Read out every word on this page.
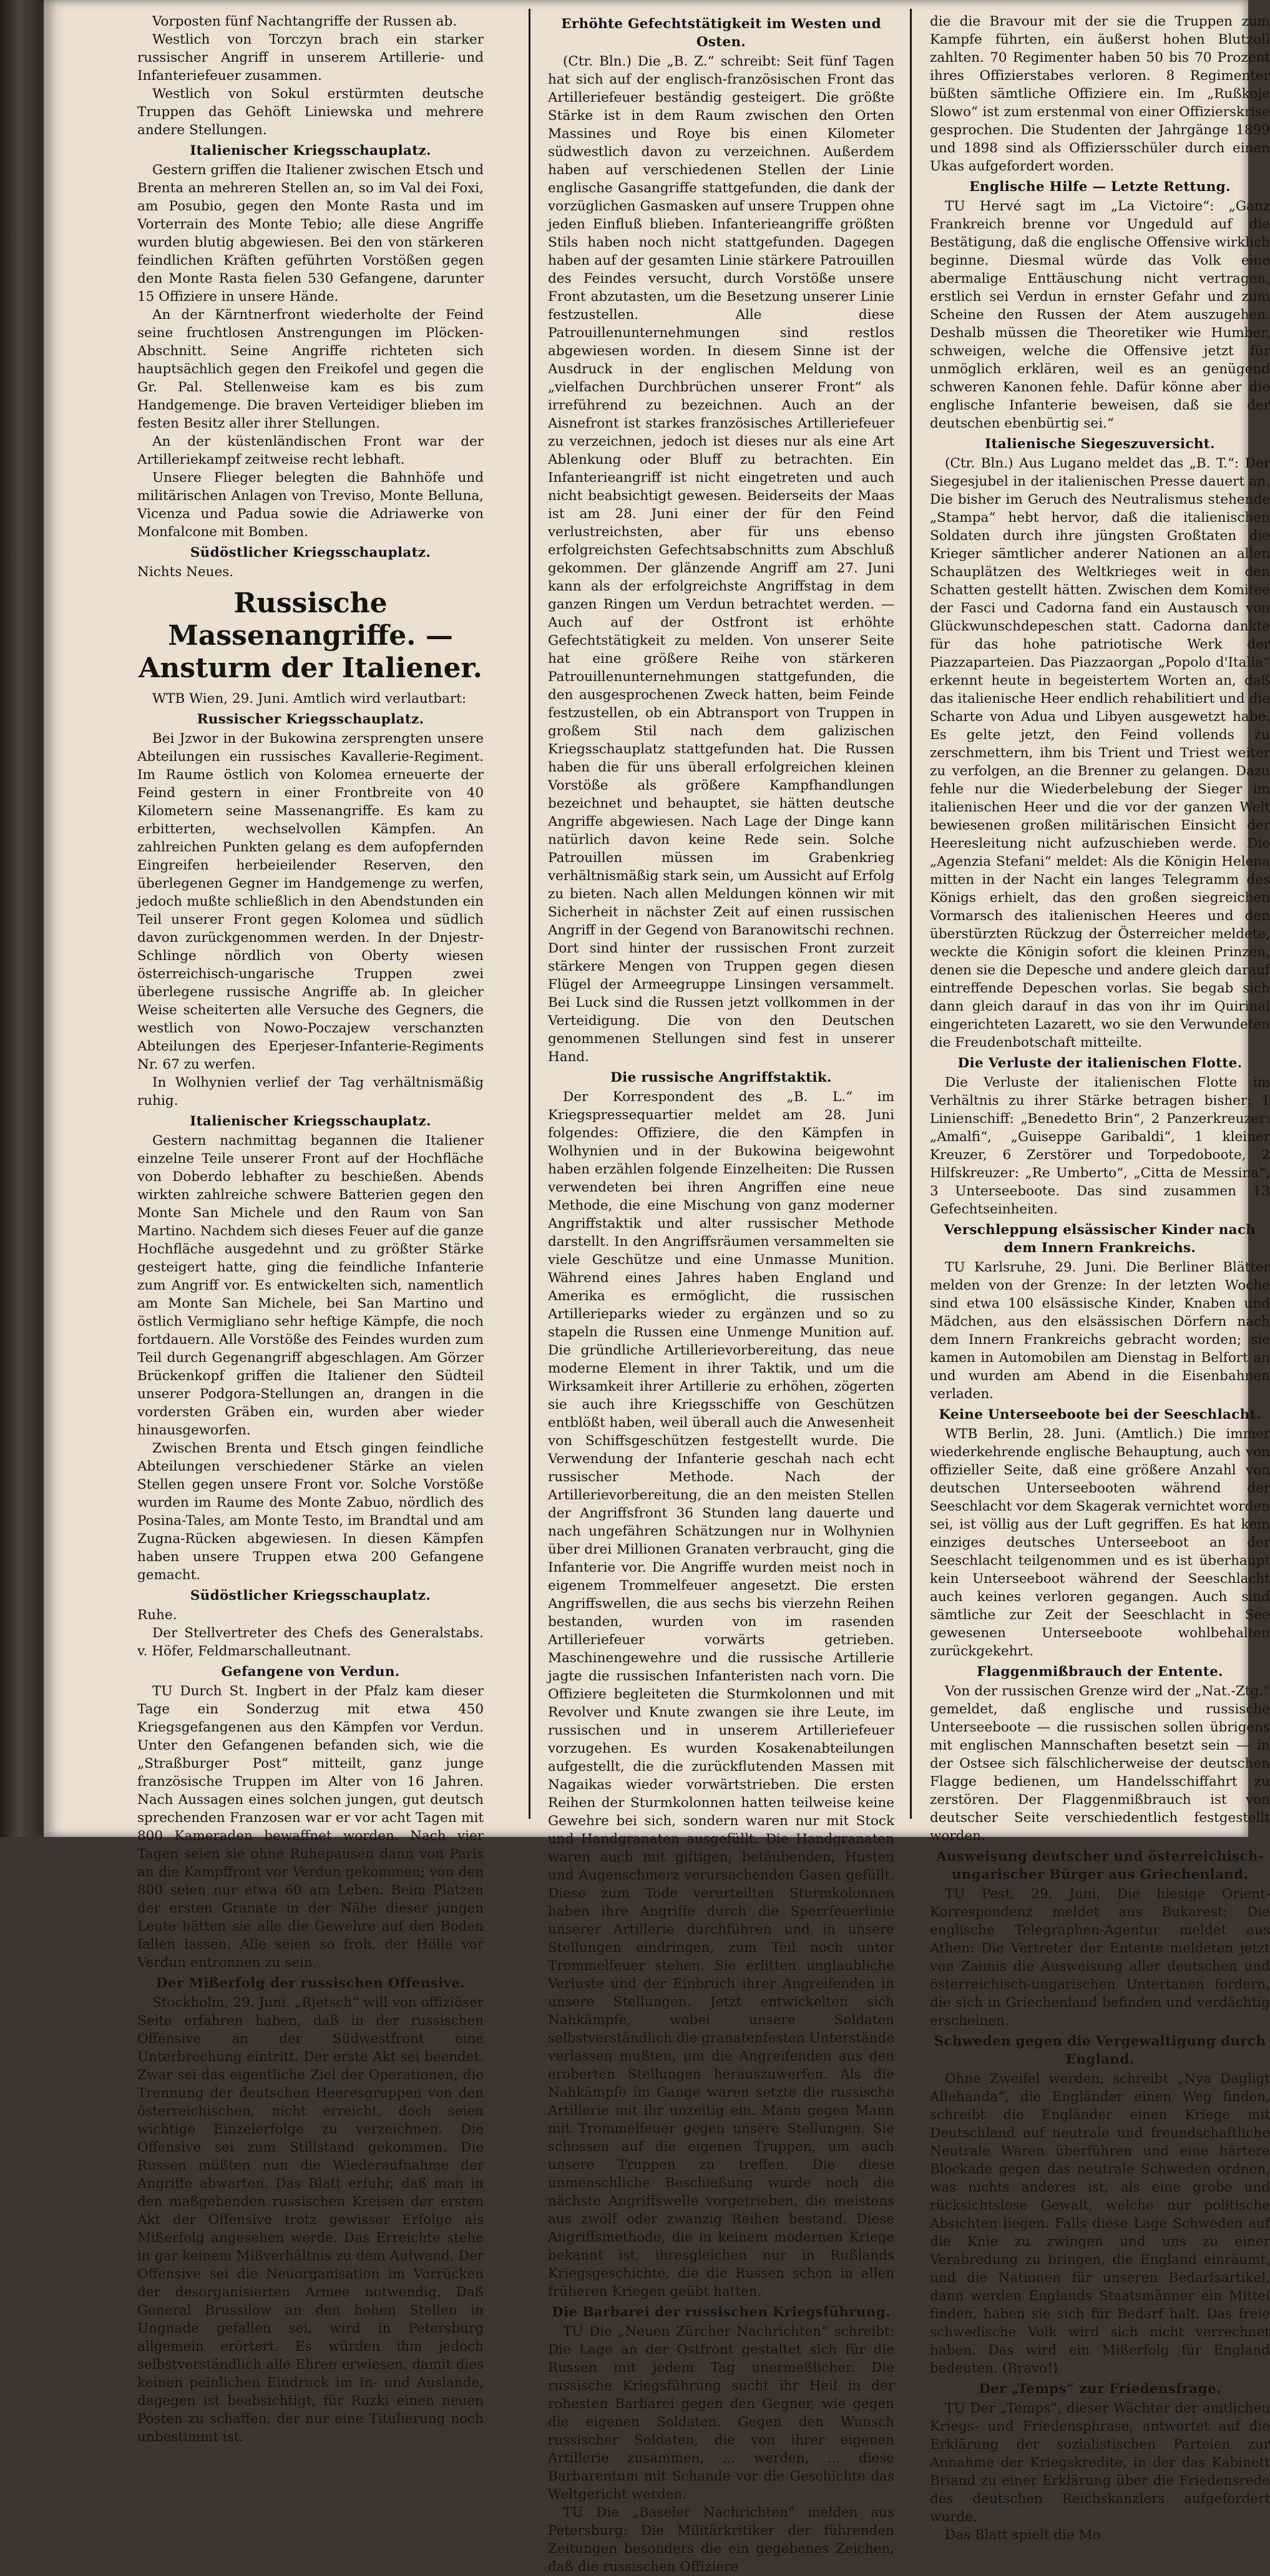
Vorposten fünf Nachtangriffe der Russen ab.

Westlich von Torczyn brach ein starker russischer Angriff in unserem Artillerie- und Infanteriefeuer zusammen.

Westlich von Sokul erstürmten deutsche Truppen das Gehöft Liniewska und mehrere andere Stellungen.

Italienischer Kriegsschauplatz.

Gestern griffen die Italiener zwischen Etsch und Brenta an mehreren Stellen an, so im Val dei Foxi, am Posubio, gegen den Monte Rasta und im Vorterrain des Monte Tebio; alle diese Angriffe wurden blutig abgewiesen. Bei den von stärkeren feindlichen Kräften geführten Vorstößen gegen den Monte Rasta fielen 530 Gefangene, darunter 15 Offiziere in unsere Hände.

An der Kärntnerfront wiederholte der Feind seine fruchtlosen Anstrengungen im Plöcken-Abschnitt. Seine Angriffe richteten sich hauptsächlich gegen den Freikofel und gegen die Gr. Pal. Stellenweise kam es bis zum Handgemenge. Die braven Verteidiger blieben im festen Besitz aller ihrer Stellungen.

An der küstenländischen Front war der Artilleriekampf zeitweise recht lebhaft.

Unsere Flieger belegten die Bahnhöfe und militärischen Anlagen von Treviso, Monte Belluna, Vicenza und Padua sowie die Adriawerke von Monfalcone mit Bomben.

Südöstlicher Kriegsschauplatz.

Nichts Neues.

Russische Massenangriffe. — Ansturm der Italiener.

WTB Wien, 29. Juni. Amtlich wird verlautbart:

Russischer Kriegsschauplatz.

Bei Jzwor in der Bukowina zersprengten unsere Abteilungen ein russisches Kavallerie-Regiment. Im Raume östlich von Kolomea erneuerte der Feind gestern in einer Frontbreite von 40 Kilometern seine Massenangriffe. Es kam zu erbitterten, wechselvollen Kämpfen. An zahlreichen Punkten gelang es dem aufopfernden Eingreifen herbeieilender Reserven, den überlegenen Gegner im Handgemenge zu werfen, jedoch mußte schließlich in den Abendstunden ein Teil unserer Front gegen Kolomea und südlich davon zurückgenommen werden. In der Dnjestr-Schlinge nördlich von Oberty wiesen österreichisch-ungarische Truppen zwei überlegene russische Angriffe ab. In gleicher Weise scheiterten alle Versuche des Gegners, die westlich von Nowo-Poczajew verschanzten Abteilungen des Eperjeser-Infanterie-Regiments Nr. 67 zu werfen.

In Wolhynien verlief der Tag verhältnismäßig ruhig.

Italienischer Kriegsschauplatz.

Gestern nachmittag begannen die Italiener einzelne Teile unserer Front auf der Hochfläche von Doberdo lebhafter zu beschießen. Abends wirkten zahlreiche schwere Batterien gegen den Monte San Michele und den Raum von San Martino. Nachdem sich dieses Feuer auf die ganze Hochfläche ausgedehnt und zu größter Stärke gesteigert hatte, ging die feindliche Infanterie zum Angriff vor. Es entwickelten sich, namentlich am Monte San Michele, bei San Martino und östlich Vermigliano sehr heftige Kämpfe, die noch fortdauern. Alle Vorstöße des Feindes wurden zum Teil durch Gegenangriff abgeschlagen. Am Görzer Brückenkopf griffen die Italiener den Südteil unserer Podgora-Stellungen an, drangen in die vordersten Gräben ein, wurden aber wieder hinausgeworfen.

Zwischen Brenta und Etsch gingen feindliche Abteilungen verschiedener Stärke an vielen Stellen gegen unsere Front vor. Solche Vorstöße wurden im Raume des Monte Zabuo, nördlich des Posina-Tales, am Monte Testo, im Brandtal und am Zugna-Rücken abgewiesen. In diesen Kämpfen haben unsere Truppen etwa 200 Gefangene gemacht.

Südöstlicher Kriegsschauplatz.

Ruhe.

Der Stellvertreter des Chefs des Generalstabs. v. Höfer, Feldmarschalleutnant.

Gefangene von Verdun.

TU Durch St. Ingbert in der Pfalz kam dieser Tage ein Sonderzug mit etwa 450 Kriegsgefangenen aus den Kämpfen vor Verdun. Unter den Gefangenen befanden sich, wie die „Straßburger Post“ mitteilt, ganz junge französische Truppen im Alter von 16 Jahren. Nach Aussagen eines solchen jungen, gut deutsch sprechenden Franzosen war er vor acht Tagen mit 800 Kameraden bewaffnet worden. Nach vier Tagen seien sie ohne Ruhepausen dann von Paris an die Kampffront vor Verdun gekommen; von den 800 seien nur etwa 60 am Leben. Beim Platzen der ersten Granate in der Nähe dieser jungen Leute hätten sie alle die Gewehre auf den Boden fallen lassen. Alle seien so froh, der Hölle vor Verdun entronnen zu sein.

Der Mißerfolg der russischen Offensive.

Stockholm, 29. Juni. „Rjetsch“ will von offiziöser Seite erfahren haben, daß in der russischen Offensive an der Südwestfront eine Unterbrechung eintritt. Der erste Akt sei beendet. Zwar sei das eigentliche Ziel der Operationen, die Trennung der deutschen Heeresgruppen von den österreichischen, nicht erreicht, doch seien wichtige Einzelerfolge zu verzeichnen. Die Offensive sei zum Stillstand gekommen. Die Russen müßten nun die Wiederaufnahme der Angriffe abwarten. Das Blatt erfuhr, daß man in den maßgebenden russischen Kreisen der ersten Akt der Offensive trotz gewisser Erfolge als Mißerfolg angesehen werde. Das Erreichte stehe in gar keinem Mißverhältnis zu dem Aufwand. Der Offensive sei die Neuorganisation im Vorrücken der desorganisierten Armee notwendig. Daß General Brussilow an den hohen Stellen in Ungnade gefallen sei, wird in Petersburg allgemein erörtert. Es würden ihm jedoch selbstverständlich alle Ehren erwiesen, damit dies keinen peinlichen Eindruck im In- und Auslande, dagegen ist beabsichtigt, für Ruzki einen neuen Posten zu schaffen, der nur eine Titulierung noch unbestimmt ist.

Erhöhte Gefechtstätigkeit im Westen und Osten.

(Ctr. Bln.) Die „B. Z.“ schreibt: Seit fünf Tagen hat sich auf der englisch-französischen Front das Artilleriefeuer beständig gesteigert. Die größte Stärke ist in dem Raum zwischen den Orten Massines und Roye bis einen Kilometer südwestlich davon zu verzeichnen. Außerdem haben auf verschiedenen Stellen der Linie englische Gasangriffe stattgefunden, die dank der vorzüglichen Gasmasken auf unsere Truppen ohne jeden Einfluß blieben. Infanterieangriffe größten Stils haben noch nicht stattgefunden. Dagegen haben auf der gesamten Linie stärkere Patrouillen des Feindes versucht, durch Vorstöße unsere Front abzutasten, um die Besetzung unserer Linie festzustellen. Alle diese Patrouillenunternehmungen sind restlos abgewiesen worden. In diesem Sinne ist der Ausdruck in der englischen Meldung von „vielfachen Durchbrüchen unserer Front“ als irreführend zu bezeichnen. Auch an der Aisnefront ist starkes französisches Artilleriefeuer zu verzeichnen, jedoch ist dieses nur als eine Art Ablenkung oder Bluff zu betrachten. Ein Infanterieangriff ist nicht eingetreten und auch nicht beabsichtigt gewesen. Beiderseits der Maas ist am 28. Juni einer der für den Feind verlustreichsten, aber für uns ebenso erfolgreichsten Gefechtsabschnitts zum Abschluß gekommen. Der glänzende Angriff am 27. Juni kann als der erfolgreichste Angriffstag in dem ganzen Ringen um Verdun betrachtet werden. — Auch auf der Ostfront ist erhöhte Gefechtstätigkeit zu melden. Von unserer Seite hat eine größere Reihe von stärkeren Patrouillenunternehmungen stattgefunden, die den ausgesprochenen Zweck hatten, beim Feinde festzustellen, ob ein Abtransport von Truppen in großem Stil nach dem galizischen Kriegsschauplatz stattgefunden hat. Die Russen haben die für uns überall erfolgreichen kleinen Vorstöße als größere Kampfhandlungen bezeichnet und behauptet, sie hätten deutsche Angriffe abgewiesen. Nach Lage der Dinge kann natürlich davon keine Rede sein. Solche Patrouillen müssen im Grabenkrieg verhältnismäßig stark sein, um Aussicht auf Erfolg zu bieten. Nach allen Meldungen können wir mit Sicherheit in nächster Zeit auf einen russischen Angriff in der Gegend von Baranowitschi rechnen. Dort sind hinter der russischen Front zurzeit stärkere Mengen von Truppen gegen diesen Flügel der Armeegruppe Linsingen versammelt. Bei Luck sind die Russen jetzt vollkommen in der Verteidigung. Die von den Deutschen genommenen Stellungen sind fest in unserer Hand.

Die russische Angriffstaktik.

Der Korrespondent des „B. L.“ im Kriegspressequartier meldet am 28. Juni folgendes: Offiziere, die den Kämpfen in Wolhynien und in der Bukowina beigewohnt haben erzählen folgende Einzelheiten: Die Russen verwendeten bei ihren Angriffen eine neue Methode, die eine Mischung von ganz moderner Angriffstaktik und alter russischer Methode darstellt. In den Angriffsräumen versammelten sie viele Geschütze und eine Unmasse Munition. Während eines Jahres haben England und Amerika es ermöglicht, die russischen Artillerieparks wieder zu ergänzen und so zu stapeln die Russen eine Unmenge Munition auf. Die gründliche Artillerievorbereitung, das neue moderne Element in ihrer Taktik, und um die Wirksamkeit ihrer Artillerie zu erhöhen, zögerten sie auch ihre Kriegsschiffe von Geschützen entblößt haben, weil überall auch die Anwesenheit von Schiffsgeschützen festgestellt wurde. Die Verwendung der Infanterie geschah nach echt russischer Methode. Nach der Artillerievorbereitung, die an den meisten Stellen der Angriffsfront 36 Stunden lang dauerte und nach ungefähren Schätzungen nur in Wolhynien über drei Millionen Granaten verbraucht, ging die Infanterie vor. Die Angriffe wurden meist noch in eigenem Trommelfeuer angesetzt. Die ersten Angriffswellen, die aus sechs bis vierzehn Reihen bestanden, wurden von im rasenden Artilleriefeuer vorwärts getrieben. Maschinengewehre und die russische Artillerie jagte die russischen Infanteristen nach vorn. Die Offiziere begleiteten die Sturmkolonnen und mit Revolver und Knute zwangen sie ihre Leute, im russischen und in unserem Artilleriefeuer vorzugehen. Es wurden Kosakenabteilungen aufgestellt, die die zurückflutenden Massen mit Nagaikas wieder vorwärtstrieben. Die ersten Reihen der Sturmkolonnen hatten teilweise keine Gewehre bei sich, sondern waren nur mit Stock und Handgranaten ausgefüllt. Die Handgranaten waren auch mit giftigen, betäubenden, Husten und Augenschmerz verursachenden Gasen gefüllt. Diese zum Tode verurteilten Sturmkolonnen haben ihre Angriffe durch die Sperrfeuerlinie unserer Artillerie durchführen und in unsere Stellungen eindringen, zum Teil noch unter Trommelfeuer stehen. Sie erlitten unglaubliche Verluste und der Einbruch ihrer Angreifenden in unsere Stellungen. Jetzt entwickelten sich Nahkämpfe, wobei unsere Soldaten selbstverständlich die granatenfesten Unterstände verlassen mußten, um die Angreifenden aus den eroberten Stellungen herauszuwerfen. Als die Nahkämpfe im Gange waren setzte die russische Artillerie mit ihr unzeitig ein. Mann gegen Mann mit Trommelfeuer gegen unsere Stellungen. Sie schossen auf die eigenen Truppen, um auch unsere Truppen zu treffen. Die diese unmenschliche Beschießung wurde noch die nächste Angriffswelle vorgetrieben, die meistens aus zwölf oder zwanzig Reihen bestand. Diese Angriffsmethode, die in keinem modernen Kriege bekannt ist, ihresgleichen nur in Rußlands Kriegsgeschichte, die die Russen schon in allen früheren Kriegen geübt hatten.

Die Barbarei der russischen Kriegsführung.

TU Die „Neuen Zürcher Nachrichten“ schreibt: Die Lage an der Ostfront gestaltet sich für die Russen mit jedem Tag unermeßlicher. Die russische Kriegsführung sucht ihr Heil in der rohesten Barbarei gegen den Gegner, wie gegen die eigenen Soldaten. Gegen den Wunsch russischer Soldaten, die von ihrer eigenen Artillerie zusammen, ... werden, ... diese Barbarentum mit Schande vor die Geschichte das Weltgericht werden.

TU Die „Baseler Nachrichten“ melden aus Petersburg: Die Militärkritiker der führenden Zeitungen besonders die ein gegebenes Zeichen, daß die russischen Offiziere

die die Bravour mit der sie die Truppen zum Kampfe führten, ein äußerst hohen Blutzoll zahlten. 70 Regimenter haben 50 bis 70 Prozent ihres Offizierstabes verloren. 8 Regimenter büßten sämtliche Offiziere ein. Im „Rußkoje Slowo“ ist zum erstenmal von einer Offizierskrise gesprochen. Die Studenten der Jahrgänge 1899 und 1898 sind als Offiziersschüler durch einen Ukas aufgefordert worden.

Englische Hilfe — Letzte Rettung.

TU Hervé sagt im „La Victoire“: „Ganz Frankreich brenne vor Ungeduld auf die Bestätigung, daß die englische Offensive wirklich beginne. Diesmal würde das Volk eine abermalige Enttäuschung nicht vertragen, erstlich sei Verdun in ernster Gefahr und zum Scheine den Russen der Atem auszugehen. Deshalb müssen die Theoretiker wie Humber, schweigen, welche die Offensive jetzt für unmöglich erklären, weil es an genügend schweren Kanonen fehle. Dafür könne aber die englische Infanterie beweisen, daß sie der deutschen ebenbürtig sei.“

Italienische Siegeszuversicht.

(Ctr. Bln.) Aus Lugano meldet das „B. T.“: Der Siegesjubel in der italienischen Presse dauert an. Die bisher im Geruch des Neutralismus stehende „Stampa“ hebt hervor, daß die italienischen Soldaten durch ihre jüngsten Großtaten die Krieger sämtlicher anderer Nationen an allen Schauplätzen des Weltkrieges weit in den Schatten gestellt hätten. Zwischen dem Komitee der Fasci und Cadorna fand ein Austausch von Glückwunschdepeschen statt. Cadorna dankte für das hohe patriotische Werk der Piazzaparteien. Das Piazzaorgan „Popolo d'Italia“ erkennt heute in begeistertem Worten an, daß das italienische Heer endlich rehabilitiert und die Scharte von Adua und Libyen ausgewetzt habe. Es gelte jetzt, den Feind vollends zu zerschmettern, ihm bis Trient und Triest weiter zu verfolgen, an die Brenner zu gelangen. Dazu fehle nur die Wiederbelebung der Sieger im italienischen Heer und die vor der ganzen Welt bewiesenen großen militärischen Einsicht der Heeresleitung nicht aufzuschieben werde. Die „Agenzia Stefani“ meldet: Als die Königin Helena mitten in der Nacht ein langes Telegramm des Königs erhielt, das den großen siegreichen Vormarsch des italienischen Heeres und den überstürzten Rückzug der Österreicher meldete, weckte die Königin sofort die kleinen Prinzen, denen sie die Depesche und andere gleich darauf eintreffende Depeschen vorlas. Sie begab sich dann gleich darauf in das von ihr im Quirinal eingerichteten Lazarett, wo sie den Verwundeten die Freudenbotschaft mitteilte.

Die Verluste der italienischen Flotte.

Die Verluste der italienischen Flotte im Verhältnis zu ihrer Stärke betragen bisher: 1 Linienschiff: „Benedetto Brin“, 2 Panzerkreuzer: „Amalfi“, „Guiseppe Garibaldi“, 1 kleiner Kreuzer, 6 Zerstörer und Torpedoboote, 2 Hilfskreuzer: „Re Umberto“, „Citta de Messina“, 3 Unterseeboote. Das sind zusammen 13 Gefechtseinheiten.

Verschleppung elsässischer Kinder nach dem Innern Frankreichs.

TU Karlsruhe, 29. Juni. Die Berliner Blätter melden von der Grenze: In der letzten Woche sind etwa 100 elsässische Kinder, Knaben und Mädchen, aus den elsässischen Dörfern nach dem Innern Frankreichs gebracht worden; sie kamen in Automobilen am Dienstag in Belfort an und wurden am Abend in die Eisenbahnen verladen.

Keine Unterseeboote bei der Seeschlacht.

WTB Berlin, 28. Juni. (Amtlich.) Die immer wiederkehrende englische Behauptung, auch von offizieller Seite, daß eine größere Anzahl von deutschen Unterseebooten während der Seeschlacht vor dem Skagerak vernichtet worden sei, ist völlig aus der Luft gegriffen. Es hat kein einziges deutsches Unterseeboot an der Seeschlacht teilgenommen und es ist überhaupt kein Unterseeboot während der Seeschlacht auch keines verloren gegangen. Auch sind sämtliche zur Zeit der Seeschlacht in See gewesenen Unterseeboote wohlbehalten zurückgekehrt.

Flaggenmißbrauch der Entente.

Von der russischen Grenze wird der „Nat.-Ztg.“ gemeldet, daß englische und russische Unterseeboote — die russischen sollen übrigens mit englischen Mannschaften besetzt sein — in der Ostsee sich fälschlicherweise der deutschen Flagge bedienen, um Handelsschiffahrt zu zerstören. Der Flaggenmißbrauch ist von deutscher Seite verschiedentlich festgestellt worden.

Ausweisung deutscher und österreichisch-ungarischer Bürger aus Griechenland.

TU Pest, 29. Juni. Die hiesige Orient-Korrespondenz meldet aus Bukarest: Die englische Telegraphen-Agentur meldet aus Athen: Die Vertreter der Entente meldeten jetzt von Zaimis die Ausweisung aller deutschen und österreichisch-ungarischen Untertanen fordern, die sich in Griechenland befinden und verdächtig erscheinen.

Schweden gegen die Vergewaltigung durch England.

Ohne Zweifel werden, schreibt „Nya Dagligt Allehanda“, die Engländer einen Weg finden, schreibt die Engländer einen Kriege mit Deutschland auf neutrale und freundschaftliche Neutrale Waren überführen und eine härtere Blockade gegen das neutrale Schweden ordnen, was nichts anderes ist, als eine grobe und rücksichtslose Gewalt, welche nur politische Absichten liegen. Falls diese Lage Schweden auf die Knie zu zwingen und uns zu einer Verabredung zu bringen, die England einräumt, und die Nationen für unseren Bedarfsartikel, dann werden Englands Staatsmänner ein Mittel finden, haben sie sich für Bedarf halt. Das freie schwedische Volk wird sich nicht verrechnet haben. Das wird ein Mißerfolg für England bedeuten. (Bravo!)

Der „Temps“ zur Friedensfrage.

TU Der „Temps“, dieser Wächter der amtlichen Kriegs- und Friedensphrase, antwortet auf die Erklärung der sozialistischen Parteien zur Annahme der Kriegskredite, in der das Kabinett Briand zu einer Erklärung über die Friedensrede des deutschen Reichskanzlers aufgefordert wurde.

Das Blatt spielt die Mo
